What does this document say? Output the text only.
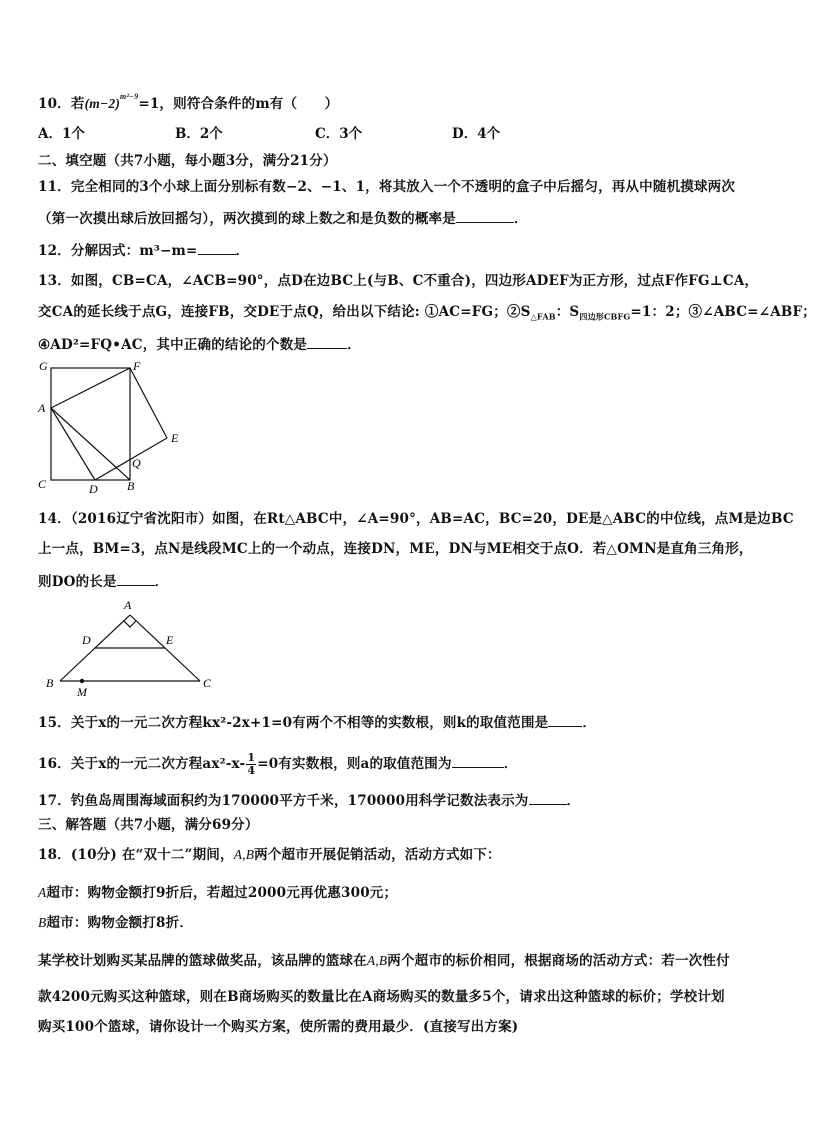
10．若$(m-2)^{m^2-9}=1$，则符合条件的m有（　　）
A．1个	B．2个	C．3个	D．4个
二、填空题（共7小题，每小题3分，满分21分）
11．完全相同的3个小球上面分别标有数−2、−1、1，将其放入一个不透明的盒子中后摇匀，再从中随机摸球两次
（第一次摸出球后放回摇匀），两次摸到的球上数之和是负数的概率是	．
12．分解因式：m³−m=	．
13．如图，CB=CA，∠ACB=90°，点D在边BC上(与B、C不重合)，四边形ADEF为正方形，过点F作FG⊥CA，
交CA的延长线于点G，连接FB，交DE于点Q，给出以下结论: ①AC=FG；$②S_{\triangle FAB}$：$S_{四边形CBFG}=1$：2；③∠ABC=∠ABF；
④AD²=FQ•AC，其中正确的结论的个数是	．
G	F
A
E
Q
C	D B
14．（2016辽宁省沈阳市）如图，在Rt△ABC中，∠A=90°，AB=AC，BC=20，DE是△ABC的中位线，点M是边BC
上一点，BM=3，点N是线段MC上的一个动点，连接DN，ME，DN与ME相交于点O．若△OMN是直角三角形，
则DO的长是	．
A
D	E
B
M
C
15．关于x的一元二次方程kx²-2x+1=0有两个不相等的实数根，则k的取值范围是	．
16．关于x的一元二次方程$ax^2-x- \frac{1}{4} =0$有实数根，则a的取值范围为	．
17．钓鱼岛周围海域面积约为170000平方千米，170000用科学记数法表示为	．
三、解答题（共7小题，满分69分）
18．(10分) 在“双十二”期间，A,B两个超市开展促销活动，活动方式如下：
A超市：购物金额打9折后，若超过2000元再优惠300元；
B超市：购物金额打8折．
某学校计划购买某品牌的篮球做奖品，该品牌的篮球在A,B两个超市的标价相同，根据商场的活动方式：若一次性付
款4200元购买这种篮球，则在B商场购买的数量比在A商场购买的数量多5个，请求出这种篮球的标价；学校计划
购买100个篮球，请你设计一个购买方案，使所需的费用最少．(直接写出方案)
